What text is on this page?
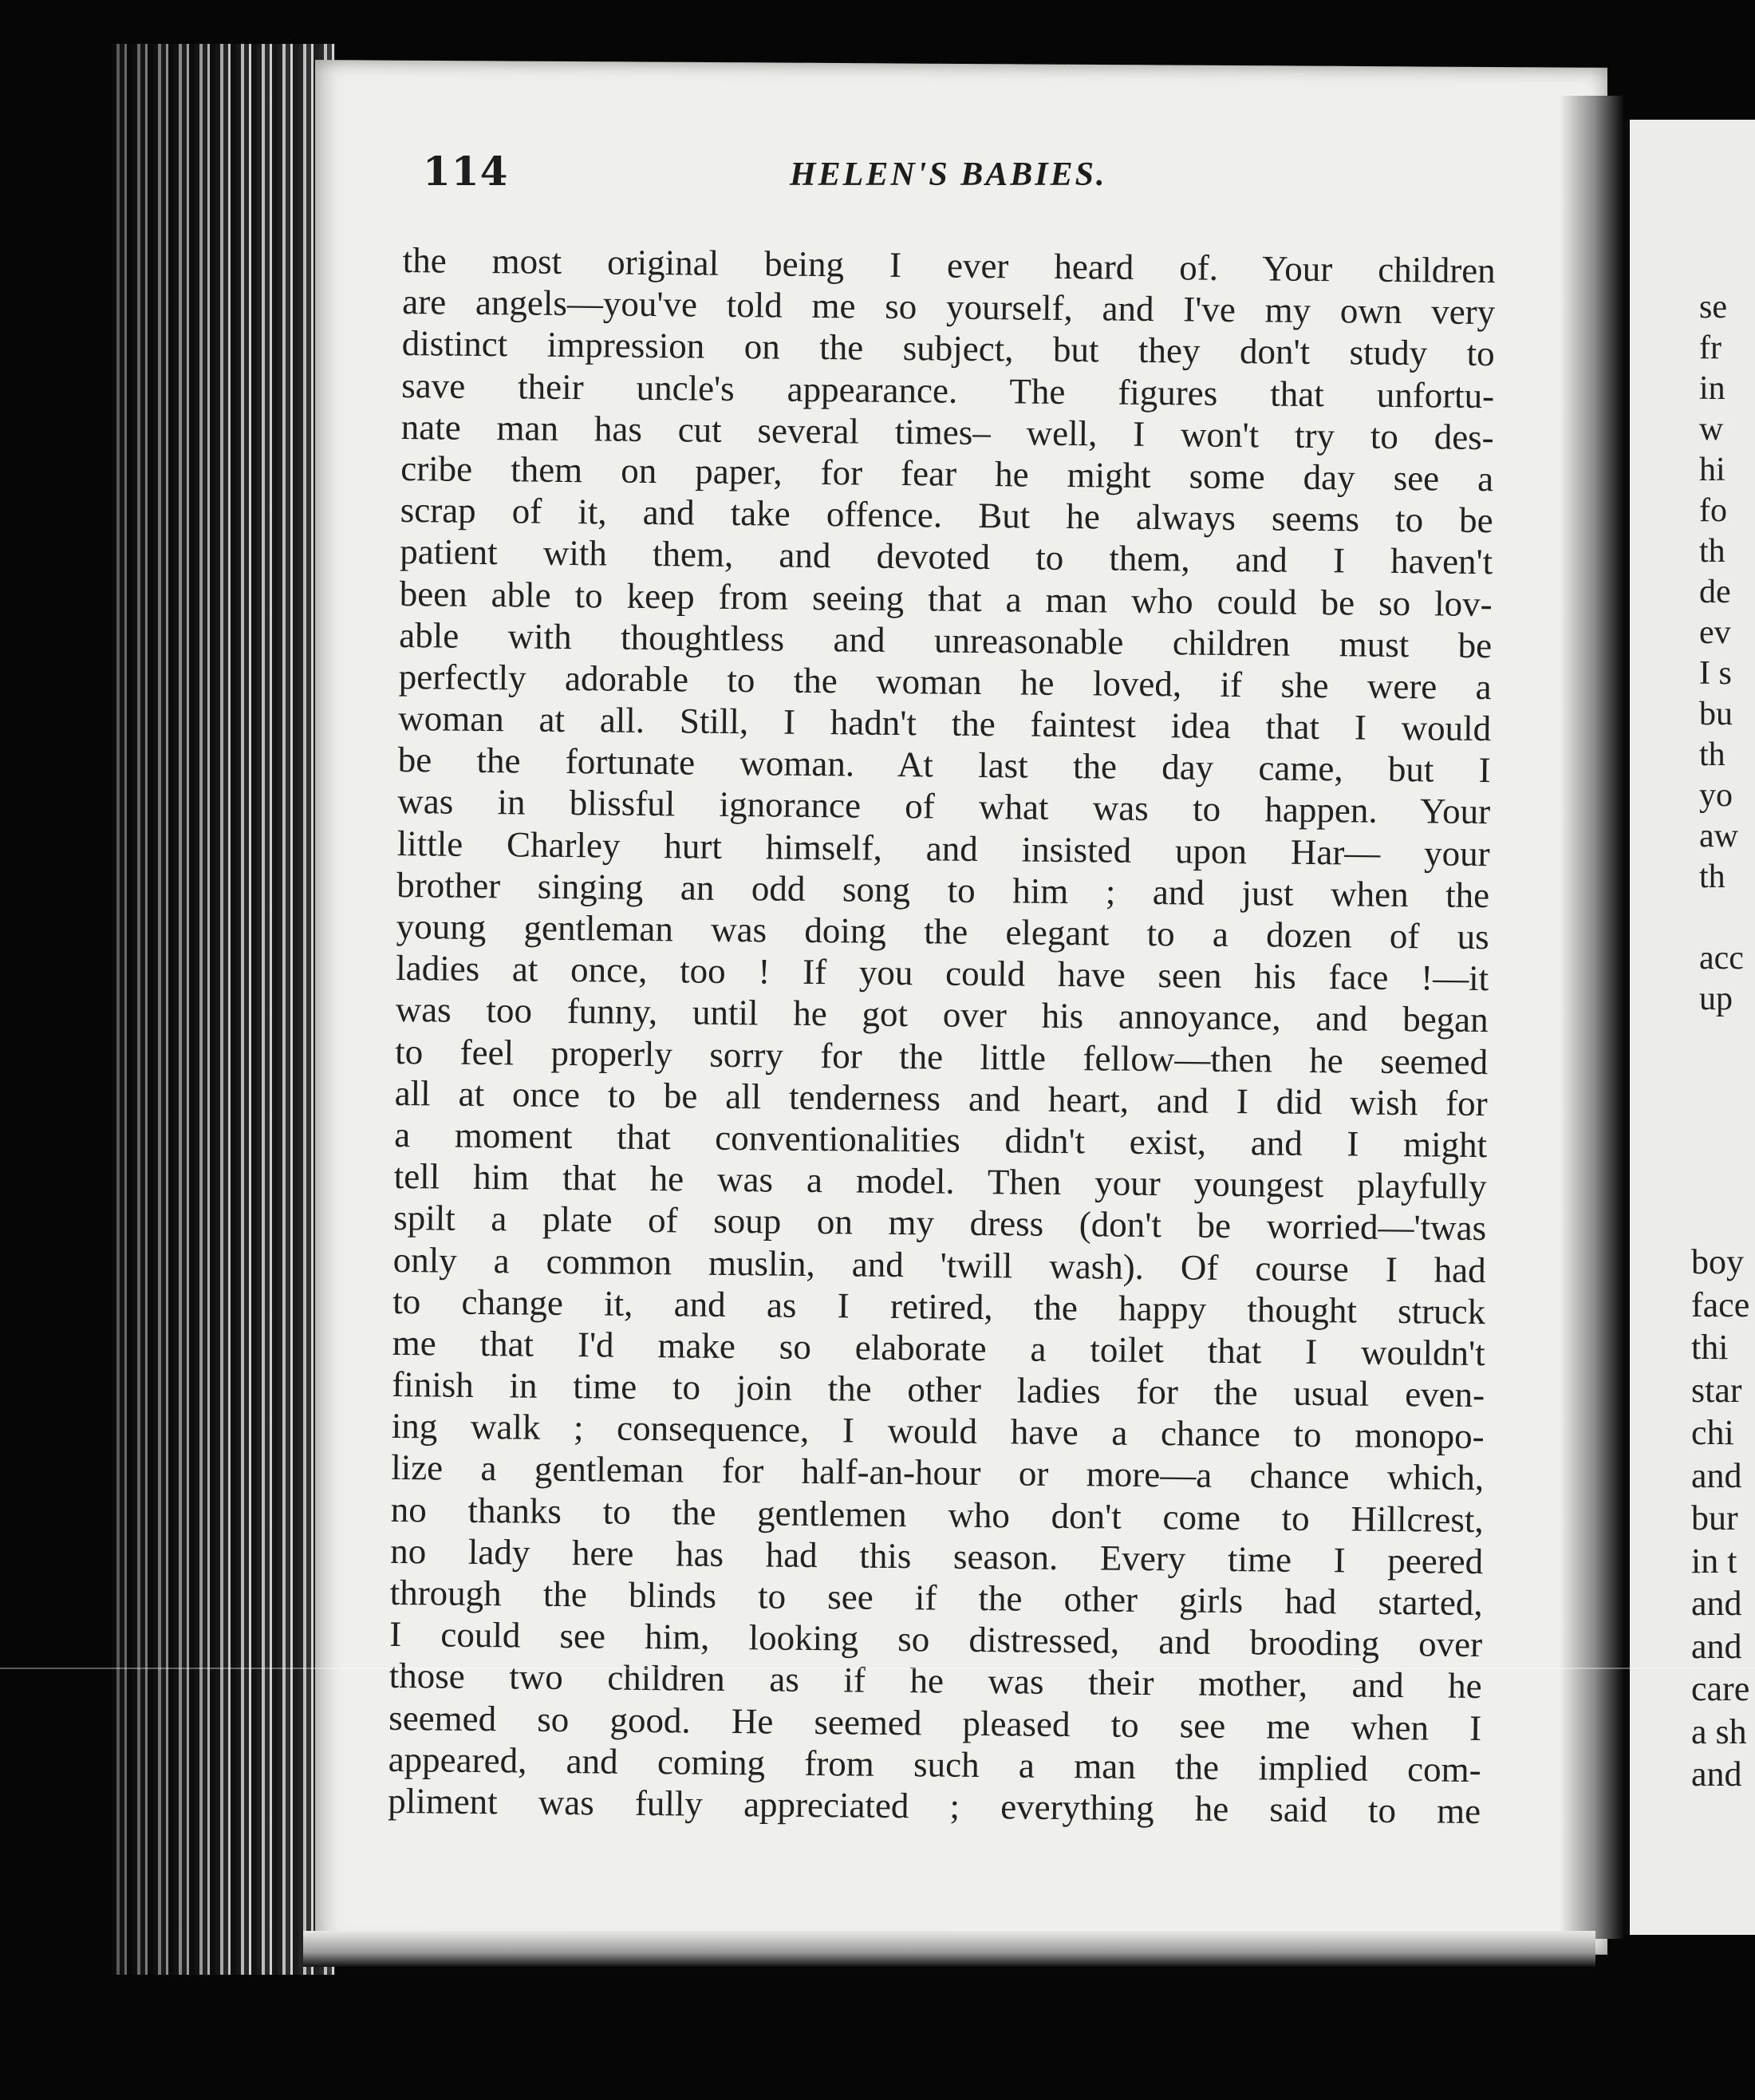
114	HELEN'S BABIES.
the most original being I ever heard of. Your children
are angels—you've told me so yourself, and I've my own very
distinct impression on the subject, but they don't study to
save their uncle's appearance. The figures that unfortu-
nate man has cut several times– well, I won't try to des-
cribe them on paper, for fear he might some day see a
scrap of it, and take offence. But he always seems to be
patient with them, and devoted to them, and I haven't
been able to keep from seeing that a man who could be so lov-
able with thoughtless and unreasonable children must be
perfectly adorable to the woman he loved, if she were a
woman at all. Still, I hadn't the faintest idea that I would
be the fortunate woman. At last the day came, but I
was in blissful ignorance of what was to happen. Your
little Charley hurt himself, and insisted upon Har— your
brother singing an odd song to him ; and just when the
young gentleman was doing the elegant to a dozen of us
ladies at once, too ! If you could have seen his face !—it
was too funny, until he got over his annoyance, and began
to feel properly sorry for the little fellow—then he seemed
all at once to be all tenderness and heart, and I did wish for
a moment that conventionalities didn't exist, and I might
tell him that he was a model. Then your youngest playfully
spilt a plate of soup on my dress (don't be worried—'twas
only a common muslin, and 'twill wash). Of course I had
to change it, and as I retired, the happy thought struck
me that I'd make so elaborate a toilet that I wouldn't
finish in time to join the other ladies for the usual even-
ing walk ; consequence, I would have a chance to monopo-
lize a gentleman for half-an-hour or more—a chance which,
no thanks to the gentlemen who don't come to Hillcrest,
no lady here has had this season. Every time I peered
through the blinds to see if the other girls had started,
I could see him, looking so distressed, and brooding over
those two children as if he was their mother, and he
seemed so good. He seemed pleased to see me when I
appeared, and coming from such a man the implied com-
pliment was fully appreciated ; everything he said to me
se
fr
in
w
hi
fo
th
de
ev
I s
bu
th
yo
aw
th
acc
up
boy
face
thi
star
chi
and
bur
in t
and
and
care
a sh
and
